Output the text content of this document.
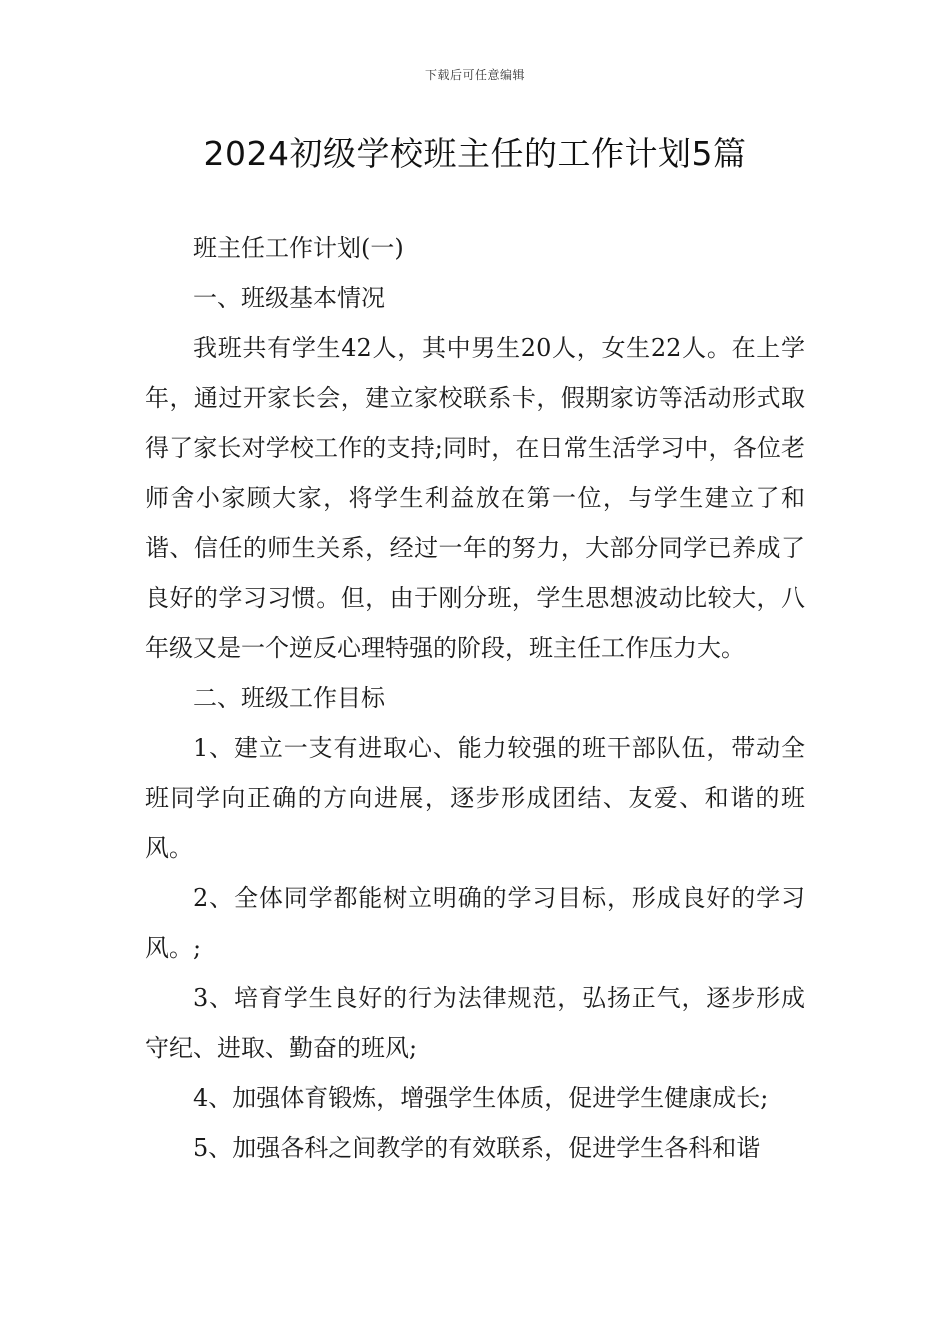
下载后可任意编辑
2024初级学校班主任的工作计划5篇

班主任工作计划(一)

一、班级基本情况

我班共有学生42人，其中男生20人，女生22人。在上学年，通过开家长会，建立家校联系卡，假期家访等活动形式取得了家长对学校工作的支持;同时，在日常生活学习中，各位老师舍小家顾大家，将学生利益放在第一位，与学生建立了和谐、信任的师生关系，经过一年的努力，大部分同学已养成了良好的学习习惯。但，由于刚分班，学生思想波动比较大，八年级又是一个逆反心理特强的阶段，班主任工作压力大。

二、班级工作目标

1、建立一支有进取心、能力较强的班干部队伍，带动全班同学向正确的方向进展，逐步形成团结、友爱、和谐的班风。

2、全体同学都能树立明确的学习目标，形成良好的学习风。;

3、培育学生良好的行为法律规范，弘扬正气，逐步形成守纪、进取、勤奋的班风;

4、加强体育锻炼，增强学生体质，促进学生健康成长;

5、加强各科之间教学的有效联系，促进学生各科和谐
